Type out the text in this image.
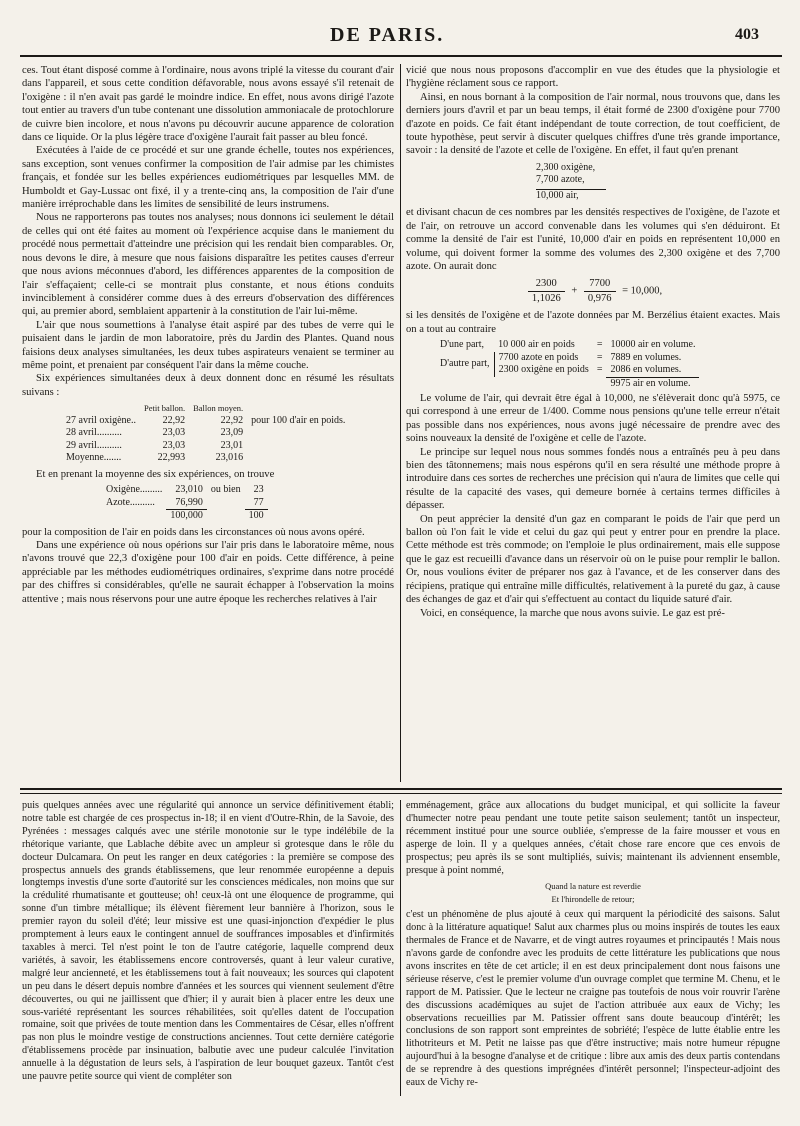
DE PARIS.	403

ces. Tout étant disposé comme à l'ordinaire, nous avons triplé la vitesse du courant d'air dans l'appareil, et sous cette condition défavorable, nous avons essayé s'il retenait de l'oxigène : il n'en avait pas gardé le moindre indice. En effet, nous avons dirigé l'azote tout entier au travers d'un tube contenant une dissolution ammoniacale de protochlorure de cuivre bien incolore, et nous n'avons pu découvrir aucune apparence de coloration dans ce liquide. Or la plus légère trace d'oxigène l'aurait fait passer au bleu foncé.

Exécutées à l'aide de ce procédé et sur une grande échelle, toutes nos expériences, sans exception, sont venues confirmer la composition de l'air admise par les chimistes français, et fondée sur les belles expériences eudiométriques par lesquelles MM. de Humboldt et Gay-Lussac ont fixé, il y a trente-cinq ans, la composition de l'air d'une manière irréprochable dans les limites de sensibilité de leurs instrumens.

Nous ne rapporterons pas toutes nos analyses; nous donnons ici seulement le détail de celles qui ont été faites au moment où l'expérience acquise dans le maniement du procédé nous permettait d'atteindre une précision qui les rendait bien comparables. Or, nous devons le dire, à mesure que nous faisions disparaître les petites causes d'erreur que nous avions méconnues d'abord, les différences apparentes de la composition de l'air s'effaçaient; celle-ci se montrait plus constante, et nous étions conduits invinciblement à considérer comme dues à des erreurs d'observation des différences qui, au premier abord, semblaient appartenir à la constitution de l'air lui-même.

L'air que nous soumettions à l'analyse était aspiré par des tubes de verre qui le puisaient dans le jardin de mon laboratoire, près du Jardin des Plantes. Quand nous faisions deux analyses simultanées, les deux tubes aspirateurs venaient se terminer au même point, et prenaient par conséquent l'air dans la même couche.

Six expériences simultanées deux à deux donnent donc en résumé les résultats suivans :

	Petit ballon.	Ballon moyen.	
27 avril oxigène..	22,92	22,92	pour 100 d'air en poids.
28 avril..........	23,03	23,09	
29 avril..........	23,03	23,01	
Moyenne.......	22,993	23,016	

Et en prenant la moyenne des six expériences, on trouve

Oxigène.........	23,010	ou bien	23
Azote..........	76,990		77
	100,000		100

pour la composition de l'air en poids dans les circonstances où nous avons opéré.

Dans une expérience où nous opérions sur l'air pris dans le laboratoire même, nous n'avons trouvé que 22,3 d'oxigène pour 100 d'air en poids. Cette différence, à peine appréciable par les méthodes eudiométriques ordinaires, s'exprime dans notre procédé par des chiffres si considérables, qu'elle ne saurait échapper à l'observation la moins attentive ; mais nous réservons pour une autre époque les recherches relatives à l'air

vicié que nous nous proposons d'accomplir en vue des études que la physiologie et l'hygiène réclament sous ce rapport.

Ainsi, en nous bornant à la composition de l'air normal, nous trouvons que, dans les derniers jours d'avril et par un beau temps, il était formé de 2300 d'oxigène pour 7700 d'azote en poids. Ce fait étant indépendant de toute correction, de tout coefficient, de toute hypothèse, peut servir à discuter quelques chiffres d'une très grande importance, savoir : la densité de l'azote et celle de l'oxigène. En effet, il faut qu'en prenant

2,300 oxigène,
7,700 azote,
10,000 air,

et divisant chacun de ces nombres par les densités respectives de l'oxigène, de l'azote et de l'air, on retrouve un accord convenable dans les volumes qui s'en déduiront. Et comme la densité de l'air est l'unité, 10,000 d'air en poids en représentent 10,000 en volume, qui doivent former la somme des volumes des 2,300 oxigène et des 7,700 azote. On aurait donc

$\frac{2300}{1,1026} + \frac{7700}{0,976} = 10,000$,

si les densités de l'oxigène et de l'azote données par M. Berzélius étaient exactes. Mais on a tout au contraire

D'une part,	10 000 air en poids	=	10000 air en volume.
D'autre part,	7700 azote en poids	=	7889 en volumes.
	2300 oxigène en poids	=	2086 en volumes.
			9975 air en volume.

Le volume de l'air, qui devrait être égal à 10,000, ne s'élèverait donc qu'à 5975, ce qui correspond à une erreur de 1/400. Comme nous pensions qu'une telle erreur n'était pas possible dans nos expériences, nous avons jugé nécessaire de prendre avec des soins nouveaux la densité de l'oxigène et celle de l'azote.

Le principe sur lequel nous nous sommes fondés nous a entraînés peu à peu dans bien des tâtonnemens; mais nous espérons qu'il en sera résulté une méthode propre à introduire dans ces sortes de recherches une précision qui n'aura de limites que celle qui résulte de la capacité des vases, qui demeure bornée à certains termes difficiles à dépasser.

On peut apprécier la densité d'un gaz en comparant le poids de l'air que perd un ballon où l'on fait le vide et celui du gaz qui peut y entrer pour en prendre la place. Cette méthode est très commode; on l'emploie le plus ordinairement, mais elle suppose que le gaz est recueilli d'avance dans un réservoir où on le puise pour remplir le ballon. Or, nous voulions éviter de préparer nos gaz à l'avance, et de les conserver dans des récipiens, pratique qui entraîne mille difficultés, relativement à la pureté du gaz, à cause des échanges de gaz et d'air qui s'effectuent au contact du liquide saturé d'air.

Voici, en conséquence, la marche que nous avons suivie. Le gaz est pré-

puis quelques années avec une régularité qui annonce un service définitivement établi; notre table est chargée de ces prospectus in-18; il en vient d'Outre-Rhin, de la Savoie, des Pyrénées : messages calqués avec une stérile monotonie sur le type indélébile de la rhétorique variante, que Lablache débite avec un ampleur si grotesque dans le rôle du docteur Dulcamara. On peut les ranger en deux catégories : la première se compose des prospectus annuels des grands établissemens, que leur renommée européenne a depuis longtemps investis d'une sorte d'autorité sur les consciences médicales, non moins que sur la crédulité rhumatisante et goutteuse; oh! ceux-là ont une éloquence de programme, qui sonne d'un timbre métallique; ils élèvent fièrement leur bannière à l'horizon, sous le premier rayon du soleil d'été; leur missive est une quasi-injonction d'expédier le plus promptement à leurs eaux le contingent annuel de souffrances imposables et d'infirmités taxables à merci. Tel n'est point le ton de l'autre catégorie, laquelle comprend deux variétés, à savoir, les établissemens encore controversés, quant à leur valeur curative, malgré leur ancienneté, et les établissemens tout à fait nouveaux; les sources qui clapotent un peu dans le désert depuis nombre d'années et les sources qui viennent seulement d'être découvertes, ou qui ne jaillissent que d'hier; il y aurait bien à placer entre les deux une sous-variété représentant les sources réhabilitées, soit qu'elles datent de l'occupation romaine, soit que privées de toute mention dans les Commentaires de César, elles n'offrent pas non plus le moindre vestige de constructions anciennes. Tout cette dernière catégorie d'établissemens procède par insinuation, balbutie avec une pudeur calculée l'invitation annuelle à la dégustation de leurs sels, à l'aspiration de leur bouquet gazeux. Tantôt c'est une pauvre petite source qui vient de compléter son

emménagement, grâce aux allocations du budget municipal, et qui sollicite la faveur d'humecter notre peau pendant une toute petite saison seulement; tantôt un inspecteur, récemment institué pour une source oubliée, s'empresse de la faire mousser et vous en asperge de loin. Il y a quelques années, c'était chose rare encore que ces envois de prospectus; peu après ils se sont multipliés, suivis; maintenant ils adviennent ensemble, presque à point nommé,

Quand la nature est reverdie
Et l'hirondelle de retour;

c'est un phénomène de plus ajouté à ceux qui marquent la périodicité des saisons. Salut donc à la littérature aquatique! Salut aux charmes plus ou moins inspirés de toutes les eaux thermales de France et de Navarre, et de vingt autres royaumes et principautés ! Mais nous n'avons garde de confondre avec les produits de cette littérature les publications que nous avons inscrites en tête de cet article; il en est deux principalement dont nous faisons une sérieuse réserve, c'est le premier volume d'un ouvrage complet que termine M. Chenu, et le rapport de M. Patissier. Que le lecteur ne craigne pas toutefois de nous voir rouvrir l'arène des discussions académiques au sujet de l'action attribuée aux eaux de Vichy; les observations recueillies par M. Patissier offrent sans doute beaucoup d'intérêt; les conclusions de son rapport sont empreintes de sobriété; l'espèce de lutte établie entre les lithotriteurs et M. Petit ne laisse pas que d'être instructive; mais notre humeur répugne aujourd'hui à la besogne d'analyse et de critique : libre aux amis des deux partis contendans de se reprendre à des questions imprégnées d'intérêt personnel; l'inspecteur-adjoint des eaux de Vichy re-
